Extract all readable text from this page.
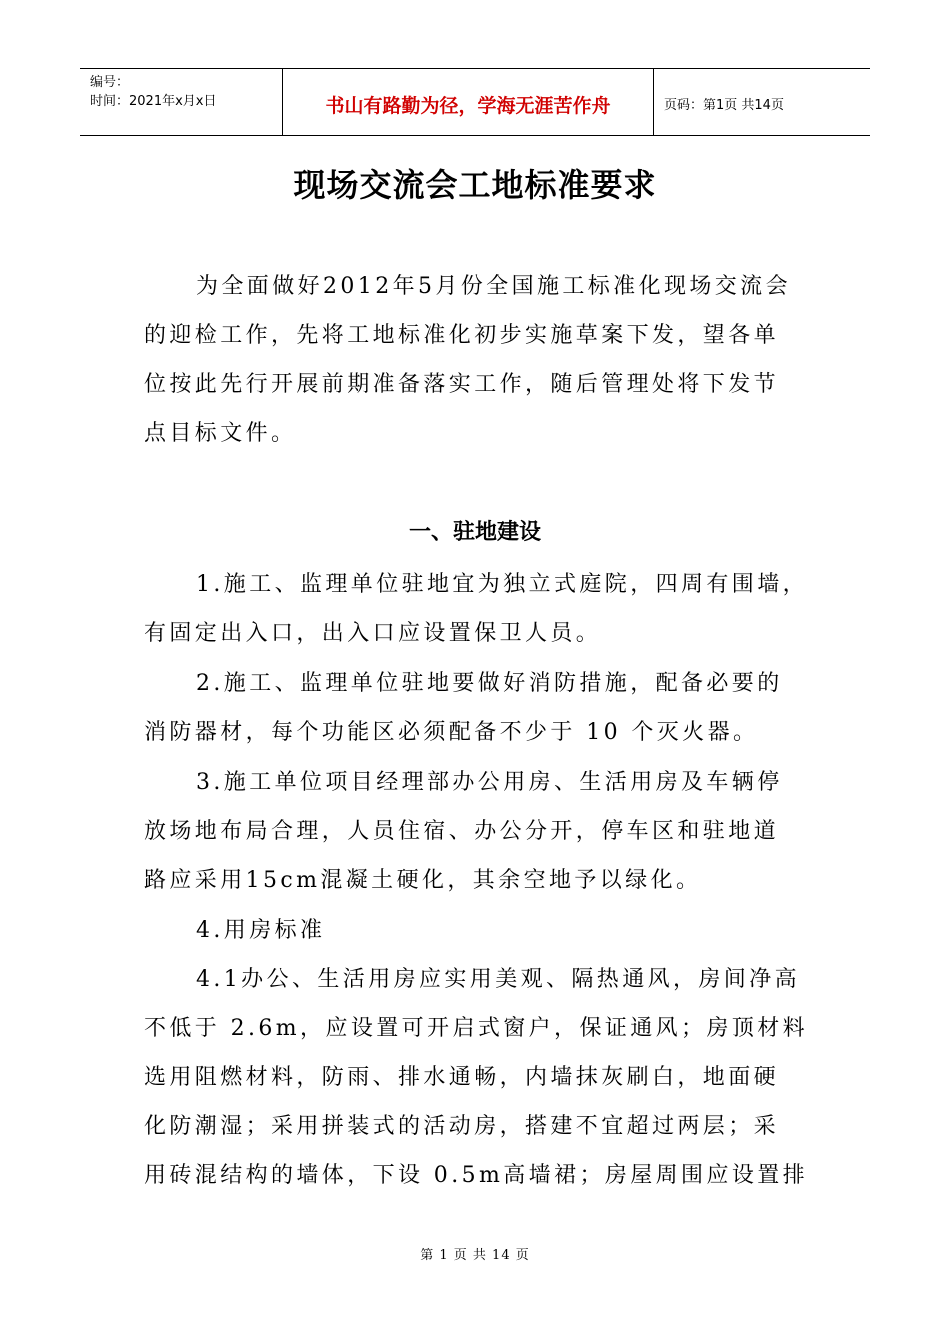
编号：
时间：2021年x月x日	书山有路勤为径，学海无涯苦作舟	页码：第1页 共14页
现场交流会工地标准要求
为全面做好2012年5月份全国施工标准化现场交流会
的迎检工作，先将工地标准化初步实施草案下发，望各单
位按此先行开展前期准备落实工作，随后管理处将下发节
点目标文件。
一、驻地建设
1.施工、监理单位驻地宜为独立式庭院，四周有围墙，
有固定出入口，出入口应设置保卫人员。
2.施工、监理单位驻地要做好消防措施，配备必要的
消防器材，每个功能区必须配备不少于 10 个灭火器。
3.施工单位项目经理部办公用房、生活用房及车辆停
放场地布局合理，人员住宿、办公分开，停车区和驻地道
路应采用15cm混凝土硬化，其余空地予以绿化。
4.用房标准
4.1办公、生活用房应实用美观、隔热通风，房间净高
不低于 2.6m，应设置可开启式窗户，保证通风；房顶材料
选用阻燃材料，防雨、排水通畅，内墙抹灰刷白，地面硬
化防潮湿；采用拼装式的活动房，搭建不宜超过两层；采
用砖混结构的墙体，下设 0.5m高墙裙；房屋周围应设置排
第 1 页 共 14 页
